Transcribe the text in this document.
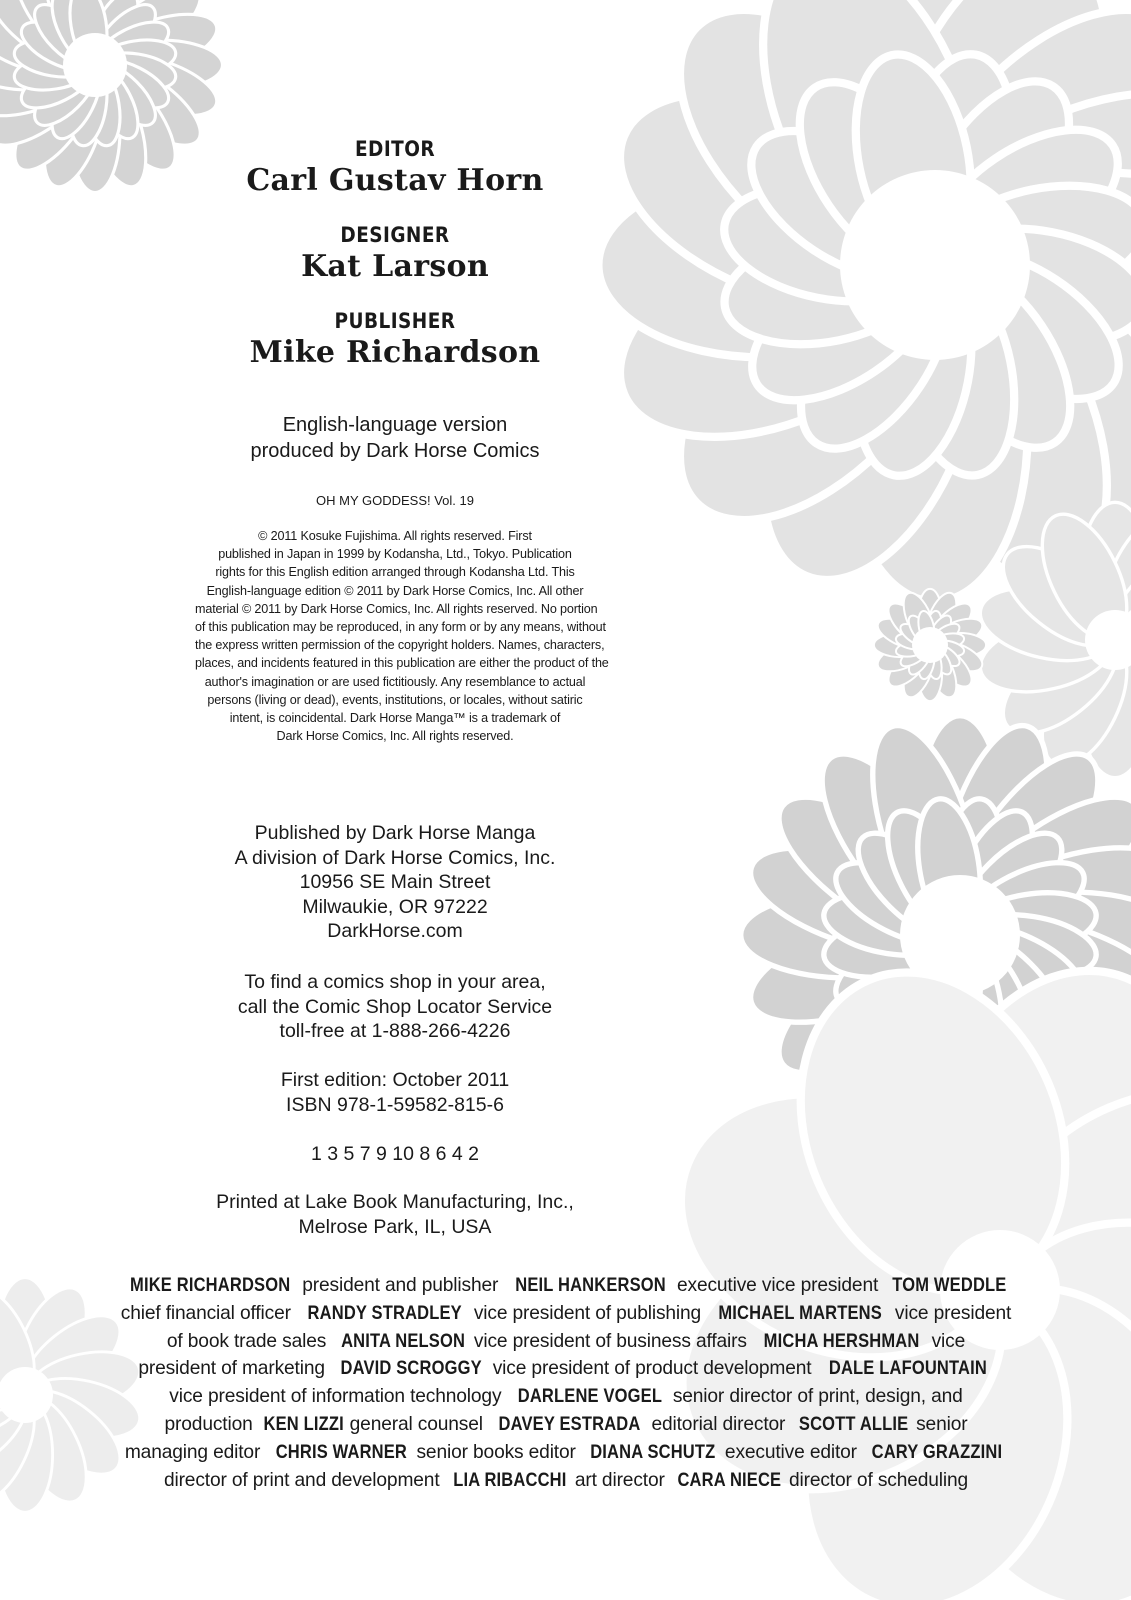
EDITOR
Carl Gustav Horn
DESIGNER
Kat Larson
PUBLISHER
Mike Richardson
English-language version
produced by Dark Horse Comics
OH MY GODDESS! Vol. 19
© 2011 Kosuke Fujishima. All rights reserved. First
published in Japan in 1999 by Kodansha, Ltd., Tokyo. Publication
rights for this English edition arranged through Kodansha Ltd. This
English-language edition © 2011 by Dark Horse Comics, Inc. All other
material © 2011 by Dark Horse Comics, Inc. All rights reserved. No portion
of this publication may be reproduced, in any form or by any means, without
the express written permission of the copyright holders. Names, characters,
places, and incidents featured in this publication are either the product of the
author's imagination or are used fictitiously. Any resemblance to actual
persons (living or dead), events, institutions, or locales, without satiric
intent, is coincidental. Dark Horse Manga™ is a trademark of
Dark Horse Comics, Inc. All rights reserved.
Published by Dark Horse Manga
A division of Dark Horse Comics, Inc.
10956 SE Main Street
Milwaukie, OR 97222
DarkHorse.com
To find a comics shop in your area,
call the Comic Shop Locator Service
toll-free at 1-888-266-4226
First edition: October 2011
ISBN 978-1-59582-815-6
1 3 5 7 9 10 8 6 4 2
Printed at Lake Book Manufacturing, Inc.,
Melrose Park, IL, USA
MIKE RICHARDSON president and publisher NEIL HANKERSON executive vice president TOM WEDDLE
chief financial officer RANDY STRADLEY vice president of publishing MICHAEL MARTENS vice president
of book trade sales ANITA NELSON vice president of business affairs MICHA HERSHMAN vice
president of marketing DAVID SCROGGY vice president of product development DALE LAFOUNTAIN
vice president of information technology DARLENE VOGEL senior director of print, design, and
production KEN LIZZI general counsel DAVEY ESTRADA editorial director SCOTT ALLIE senior
managing editor CHRIS WARNER senior books editor DIANA SCHUTZ executive editor CARY GRAZZINI
director of print and development LIA RIBACCHI art director CARA NIECE director of scheduling
